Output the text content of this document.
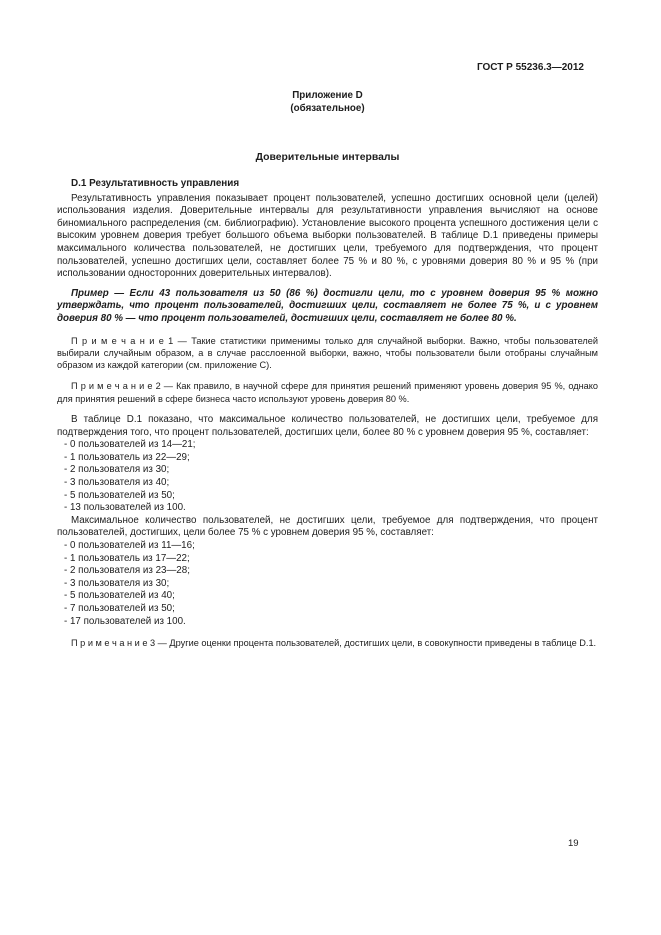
ГОСТ Р 55236.3—2012
Приложение D
(обязательное)
Доверительные интервалы
D.1 Результативность управления

Результативность управления показывает процент пользователей, успешно достигших основной цели (целей) использования изделия. Доверительные интервалы для результативности управления вычисляют на основе биномиального распределения (см. библиографию). Установление высокого процента успешного достижения цели с высоким уровнем доверия требует большого объема выборки пользователей. В таблице D.1 приведены примеры максимального количества пользователей, не достигших цели, требуемого для подтверждения, что процент пользователей, успешно достигших цели, составляет более 75 % и 80 %, с уровнями доверия 80 % и 95 % (при использовании односторонних доверительных интервалов).

Пример — Если 43 пользователя из 50 (86 %) достигли цели, то с уровнем доверия 95 % можно утверждать, что процент пользователей, достигших цели, составляет не более 75 %, и с уровнем доверия 80 % — что процент пользователей, достигших цели, составляет не более 80 %.

П р и м е ч а н и е 1 — Такие статистики применимы только для случайной выборки. Важно, чтобы пользователей выбирали случайным образом, а в случае расслоенной выборки, важно, чтобы пользователи были отобраны случайным образом из каждой категории (см. приложение С).

П р и м е ч а н и е 2 — Как правило, в научной сфере для принятия решений применяют уровень доверия 95 %, однако для принятия решений в сфере бизнеса часто используют уровень доверия 80 %.

В таблице D.1 показано, что максимальное количество пользователей, не достигших цели, требуемое для подтверждения того, что процент пользователей, достигших цели, более 80 % с уровнем доверия 95 %, составляет:

- 0 пользователей из 14—21;
- 1 пользователь из 22—29;
- 2 пользователя из 30;
- 3 пользователя из 40;
- 5 пользователей из 50;
- 13 пользователей из 100.

Максимальное количество пользователей, не достигших цели, требуемое для подтверждения, что процент пользователей, достигших, цели более 75 % с уровнем доверия 95 %, составляет:

- 0 пользователей из 11—16;
- 1 пользователь из 17—22;
- 2 пользователя из 23—28;
- 3 пользователя из 30;
- 5 пользователей из 40;
- 7 пользователей из 50;
- 17 пользователей из 100.

П р и м е ч а н и е 3 — Другие оценки процента пользователей, достигших цели, в совокупности приведены в таблице D.1.

19
